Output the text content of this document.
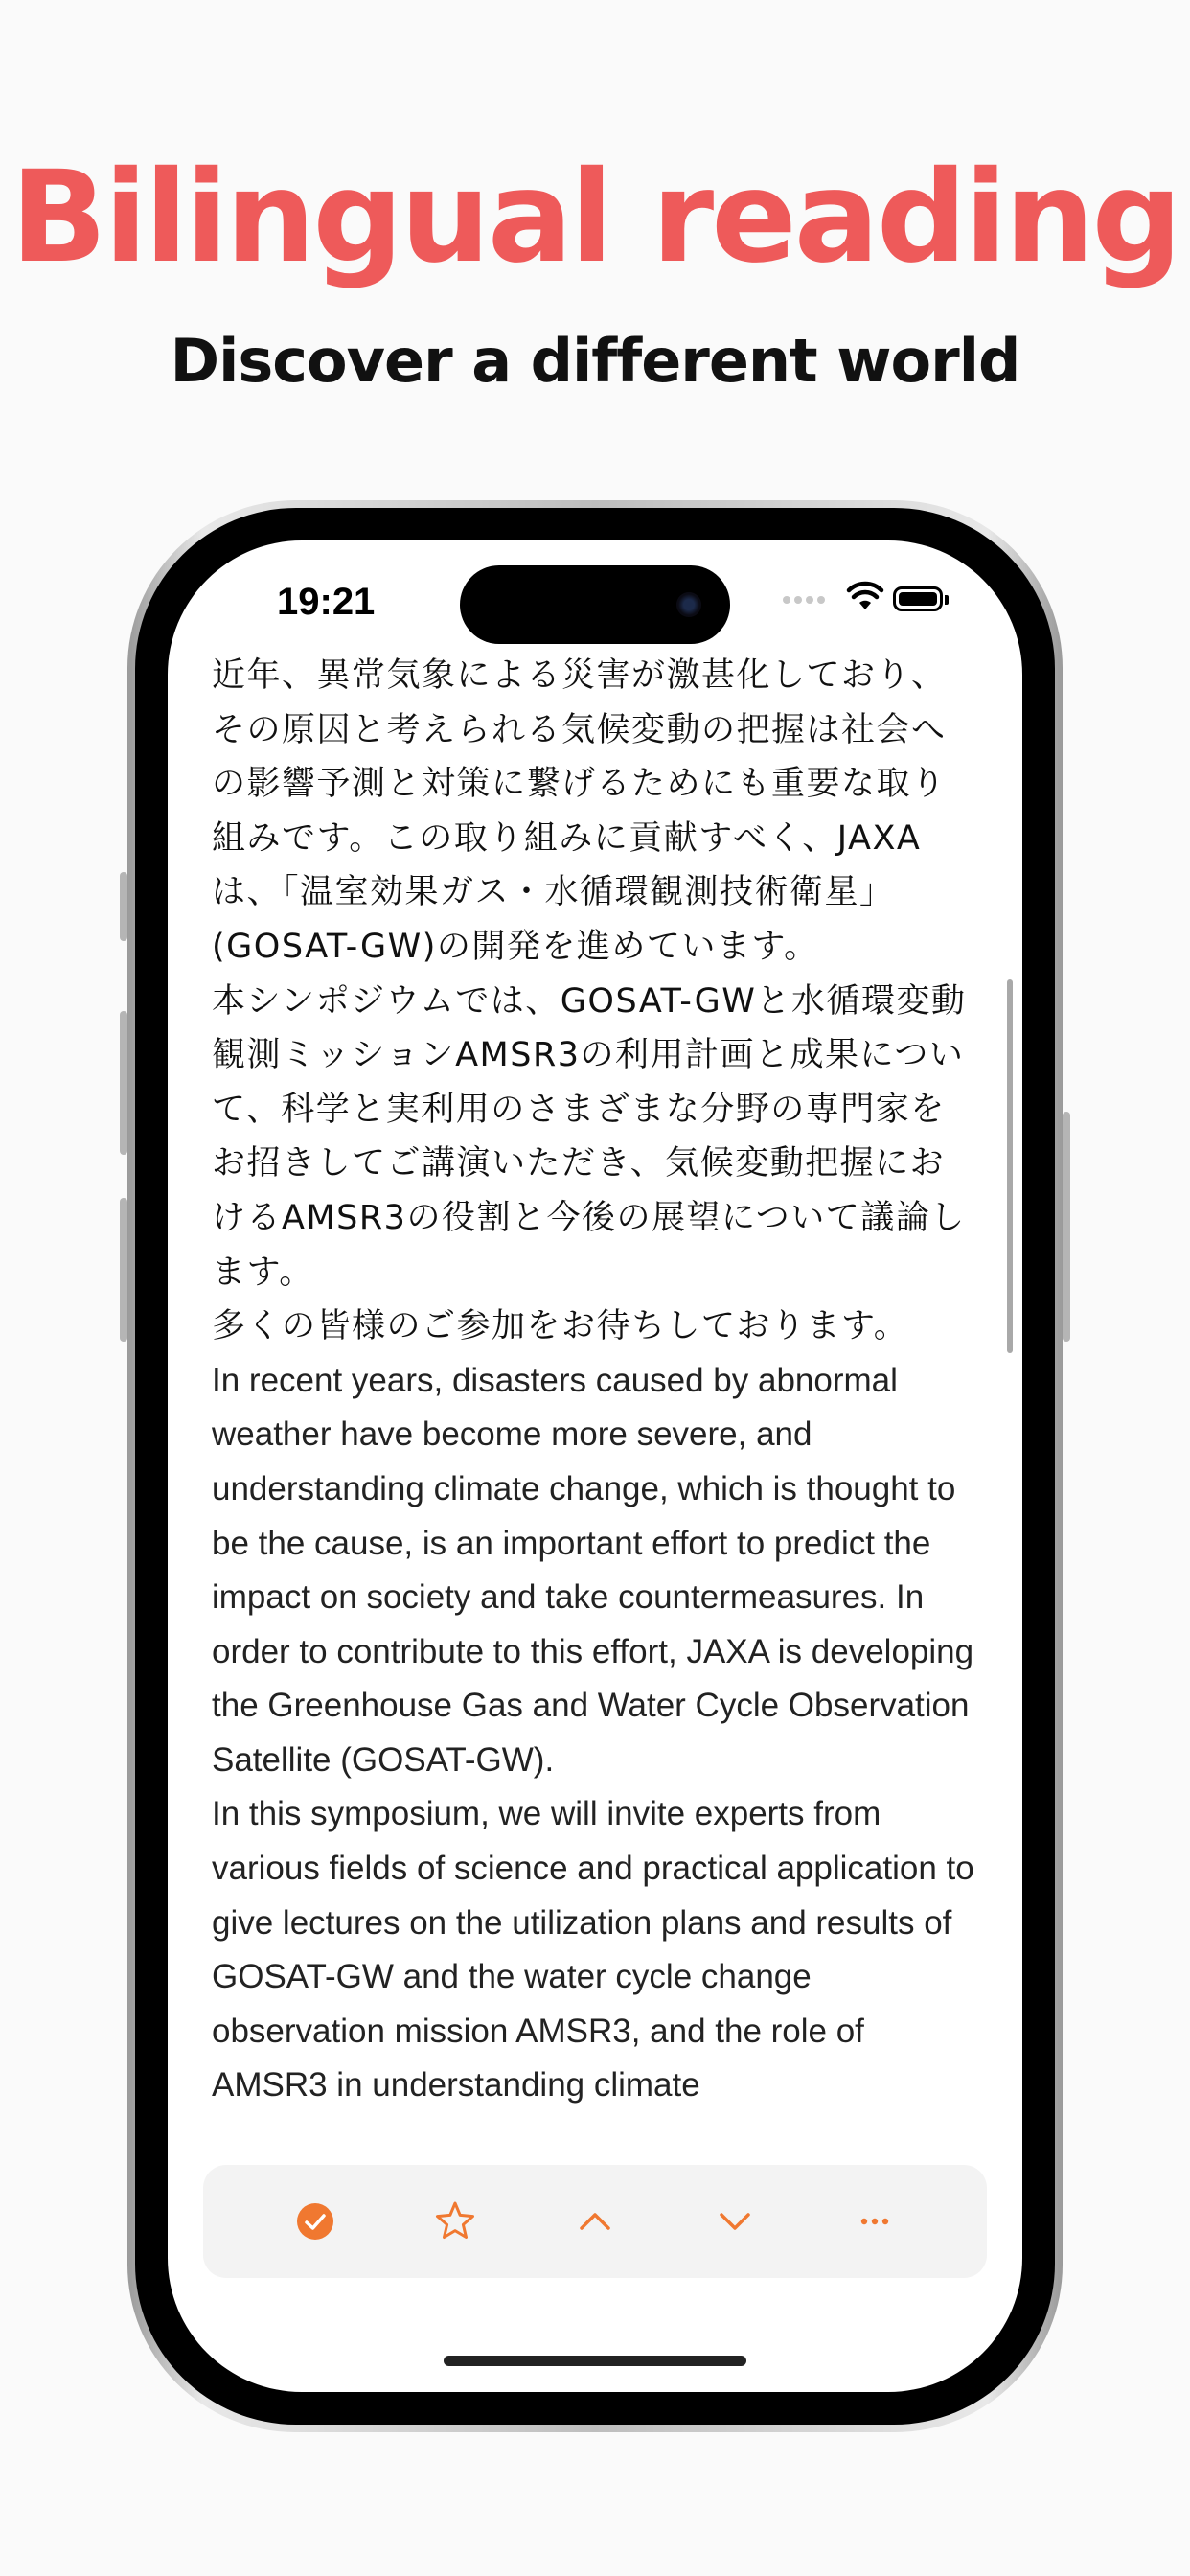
Bilingual reading
Discover a different world
19:21

近年、異常気象による災害が激甚化しており、その原因と考えられる気候変動の把握は社会への影響予測と対策に繋げるためにも重要な取り組みです。この取り組みに貢献すべく、JAXAは、「温室効果ガス・水循環観測技術衛星」(GOSAT-GW)の開発を進めています。

本シンポジウムでは、GOSAT-GWと水循環変動観測ミッションAMSR3の利用計画と成果について、科学と実利用のさまざまな分野の専門家をお招きしてご講演いただき、気候変動把握におけるAMSR3の役割と今後の展望について議論します。

多くの皆様のご参加をお待ちしております。

In recent years, disasters caused by abnormal weather have become more severe, and understanding climate change, which is thought to be the cause, is an important effort to predict the impact on society and take countermeasures. In order to contribute to this effort, JAXA is developing the Greenhouse Gas and Water Cycle Observation Satellite (GOSAT-GW).

In this symposium, we will invite experts from various fields of science and practical application to give lectures on the utilization plans and results of GOSAT-GW and the water cycle change observation mission AMSR3, and the role of AMSR3 in understanding climate
